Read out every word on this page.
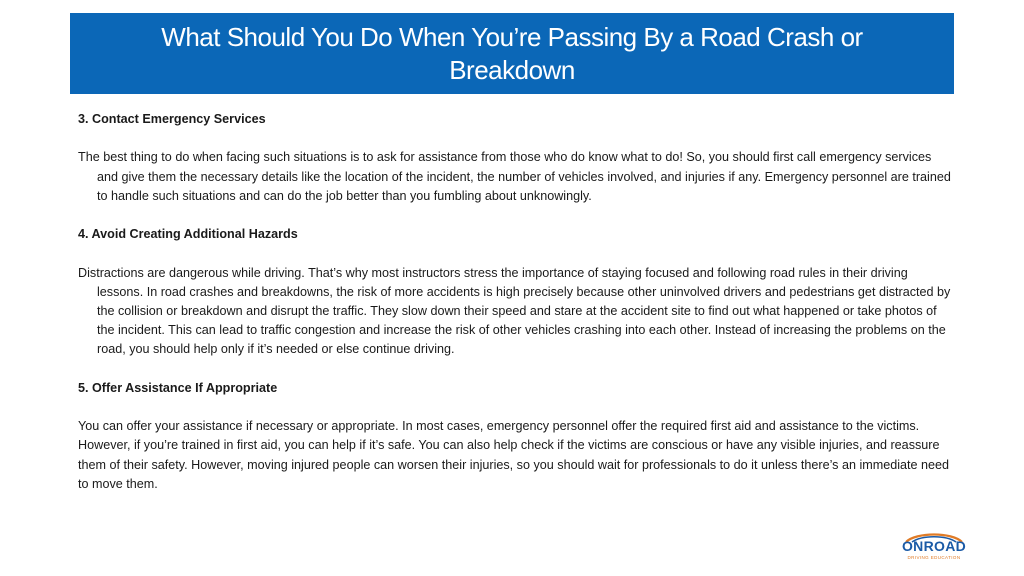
What Should You Do When You’re Passing By a Road Crash or Breakdown
3. Contact Emergency Services

The best thing to do when facing such situations is to ask for assistance from those who do know what to do! So, you should first call emergency services and give them the necessary details like the location of the incident, the number of vehicles involved, and injuries if any. Emergency personnel are trained to handle such situations and can do the job better than you fumbling about unknowingly.

4. Avoid Creating Additional Hazards

Distractions are dangerous while driving. That’s why most instructors stress the importance of staying focused and following road rules in their driving lessons. In road crashes and breakdowns, the risk of more accidents is high precisely because other uninvolved drivers and pedestrians get distracted by the collision or breakdown and disrupt the traffic. They slow down their speed and stare at the accident site to find out what happened or take photos of the incident. This can lead to traffic congestion and increase the risk of other vehicles crashing into each other. Instead of increasing the problems on the road, you should help only if it’s needed or else continue driving.

5. Offer Assistance If Appropriate

You can offer your assistance if necessary or appropriate. In most cases, emergency personnel offer the required first aid and assistance to the victims. However, if you’re trained in first aid, you can help if it’s safe. You can also help check if the victims are conscious or have any visible injuries, and reassure them of their safety. However, moving injured people can worsen their injuries, so you should wait for professionals to do it unless there’s an immediate need to move them.

ONROAD
DRIVING EDUCATION
